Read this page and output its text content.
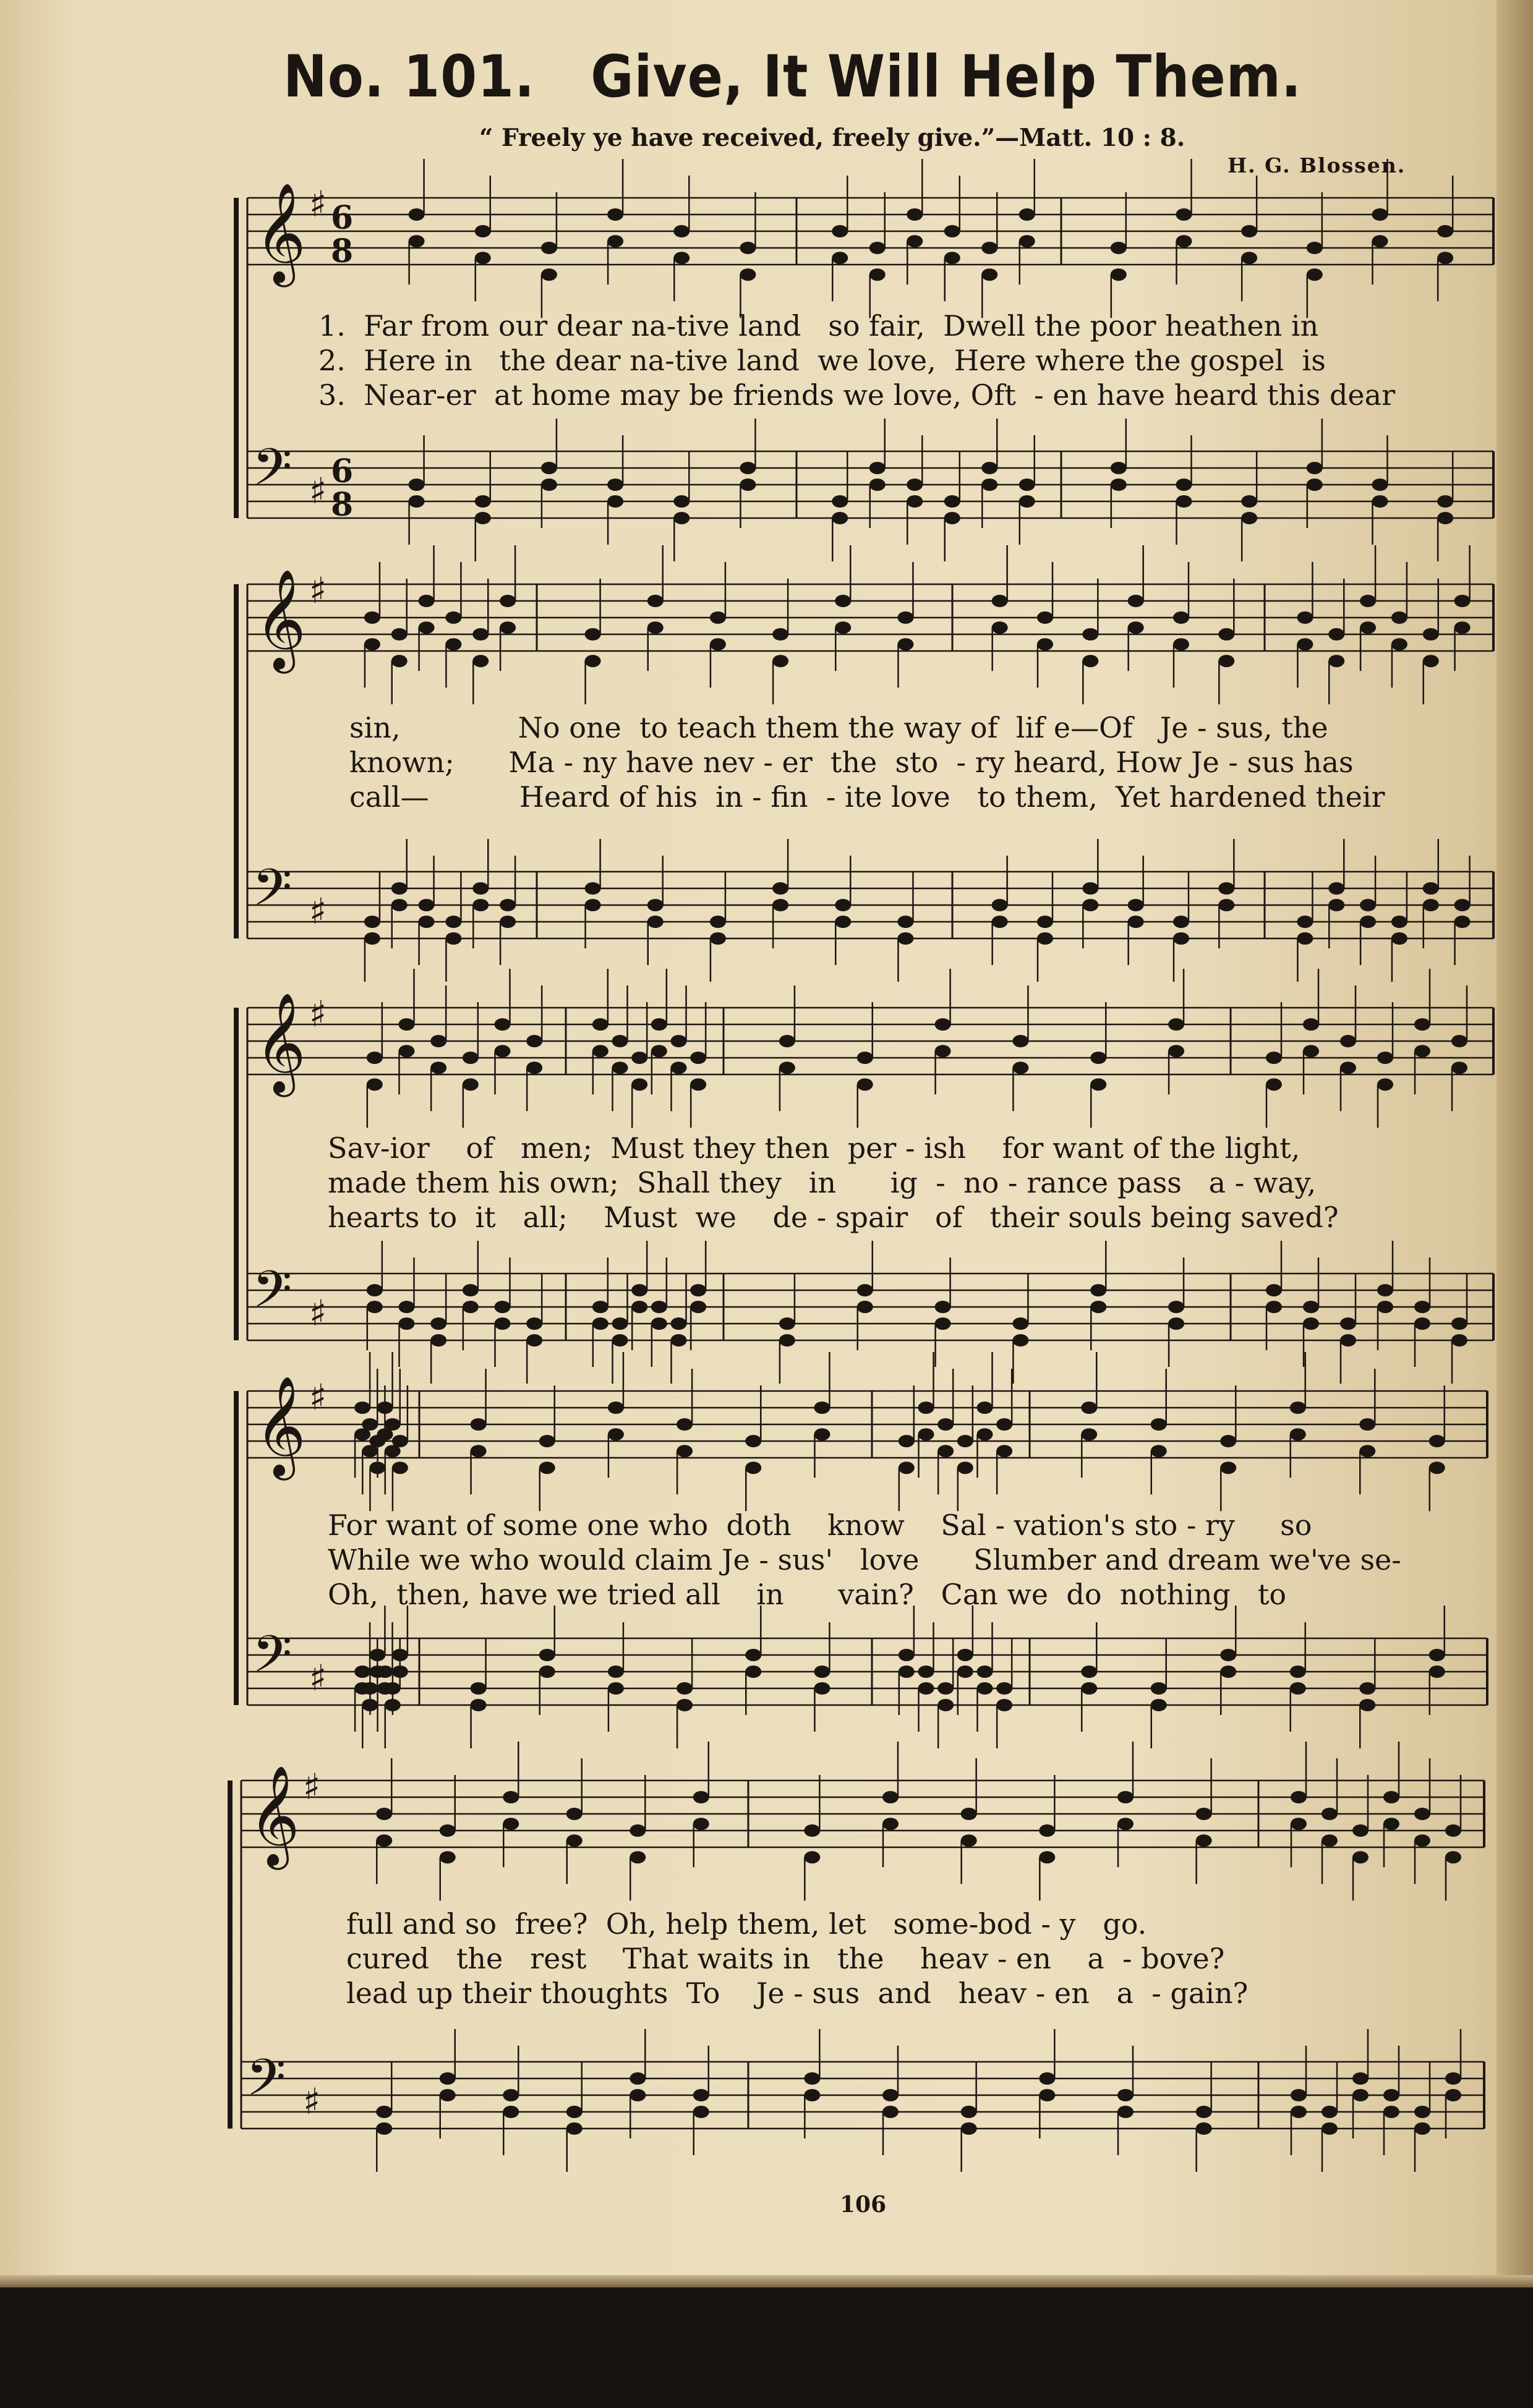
No. 101. Give, It Will Help Them.
“ Freely ye have received, freely give.”—Matt. 10 : 8.
H. G. Blossen.
𝄞 ♯ 6
8
𝄢 ♯ 6
8
𝄞 ♯
𝄢 ♯
𝄞 ♯
𝄢 ♯
𝄞 ♯
𝄢 ♯
𝄞 ♯
𝄢 ♯
1.  Far from our dear na-tive land   so fair,  Dwell the poor heathen in
2.  Here in   the dear na-tive land  we love,  Here where the gospel  is
3.  Near-er  at home may be friends we love, Oft  - en have heard this dear
sin,             No one  to teach them the way of  lif e—Of   Je - sus, the
known;      Ma - ny have nev - er  the  sto  - ry heard, How Je - sus has
call—          Heard of his  in - fin  - ite love   to them,  Yet hardened their
Sav-ior    of   men;  Must they then  per - ish    for want of the light,
made them his own;  Shall they   in      ig  -  no - rance pass   a - way,
hearts to  it   all;    Must  we    de - spair   of   their souls being saved?
For want of some one who  doth    know    Sal - vation's sto - ry     so
While we who would claim Je - sus'   love      Slumber and dream we've se-
Oh,  then, have we tried all    in      vain?   Can we  do  nothing   to
full and so  free?  Oh, help them, let   some-bod - y   go.
cured   the   rest    That waits in   the    heav - en    a  - bove?
lead up their thoughts  To    Je - sus  and   heav - en   a  - gain?
106
